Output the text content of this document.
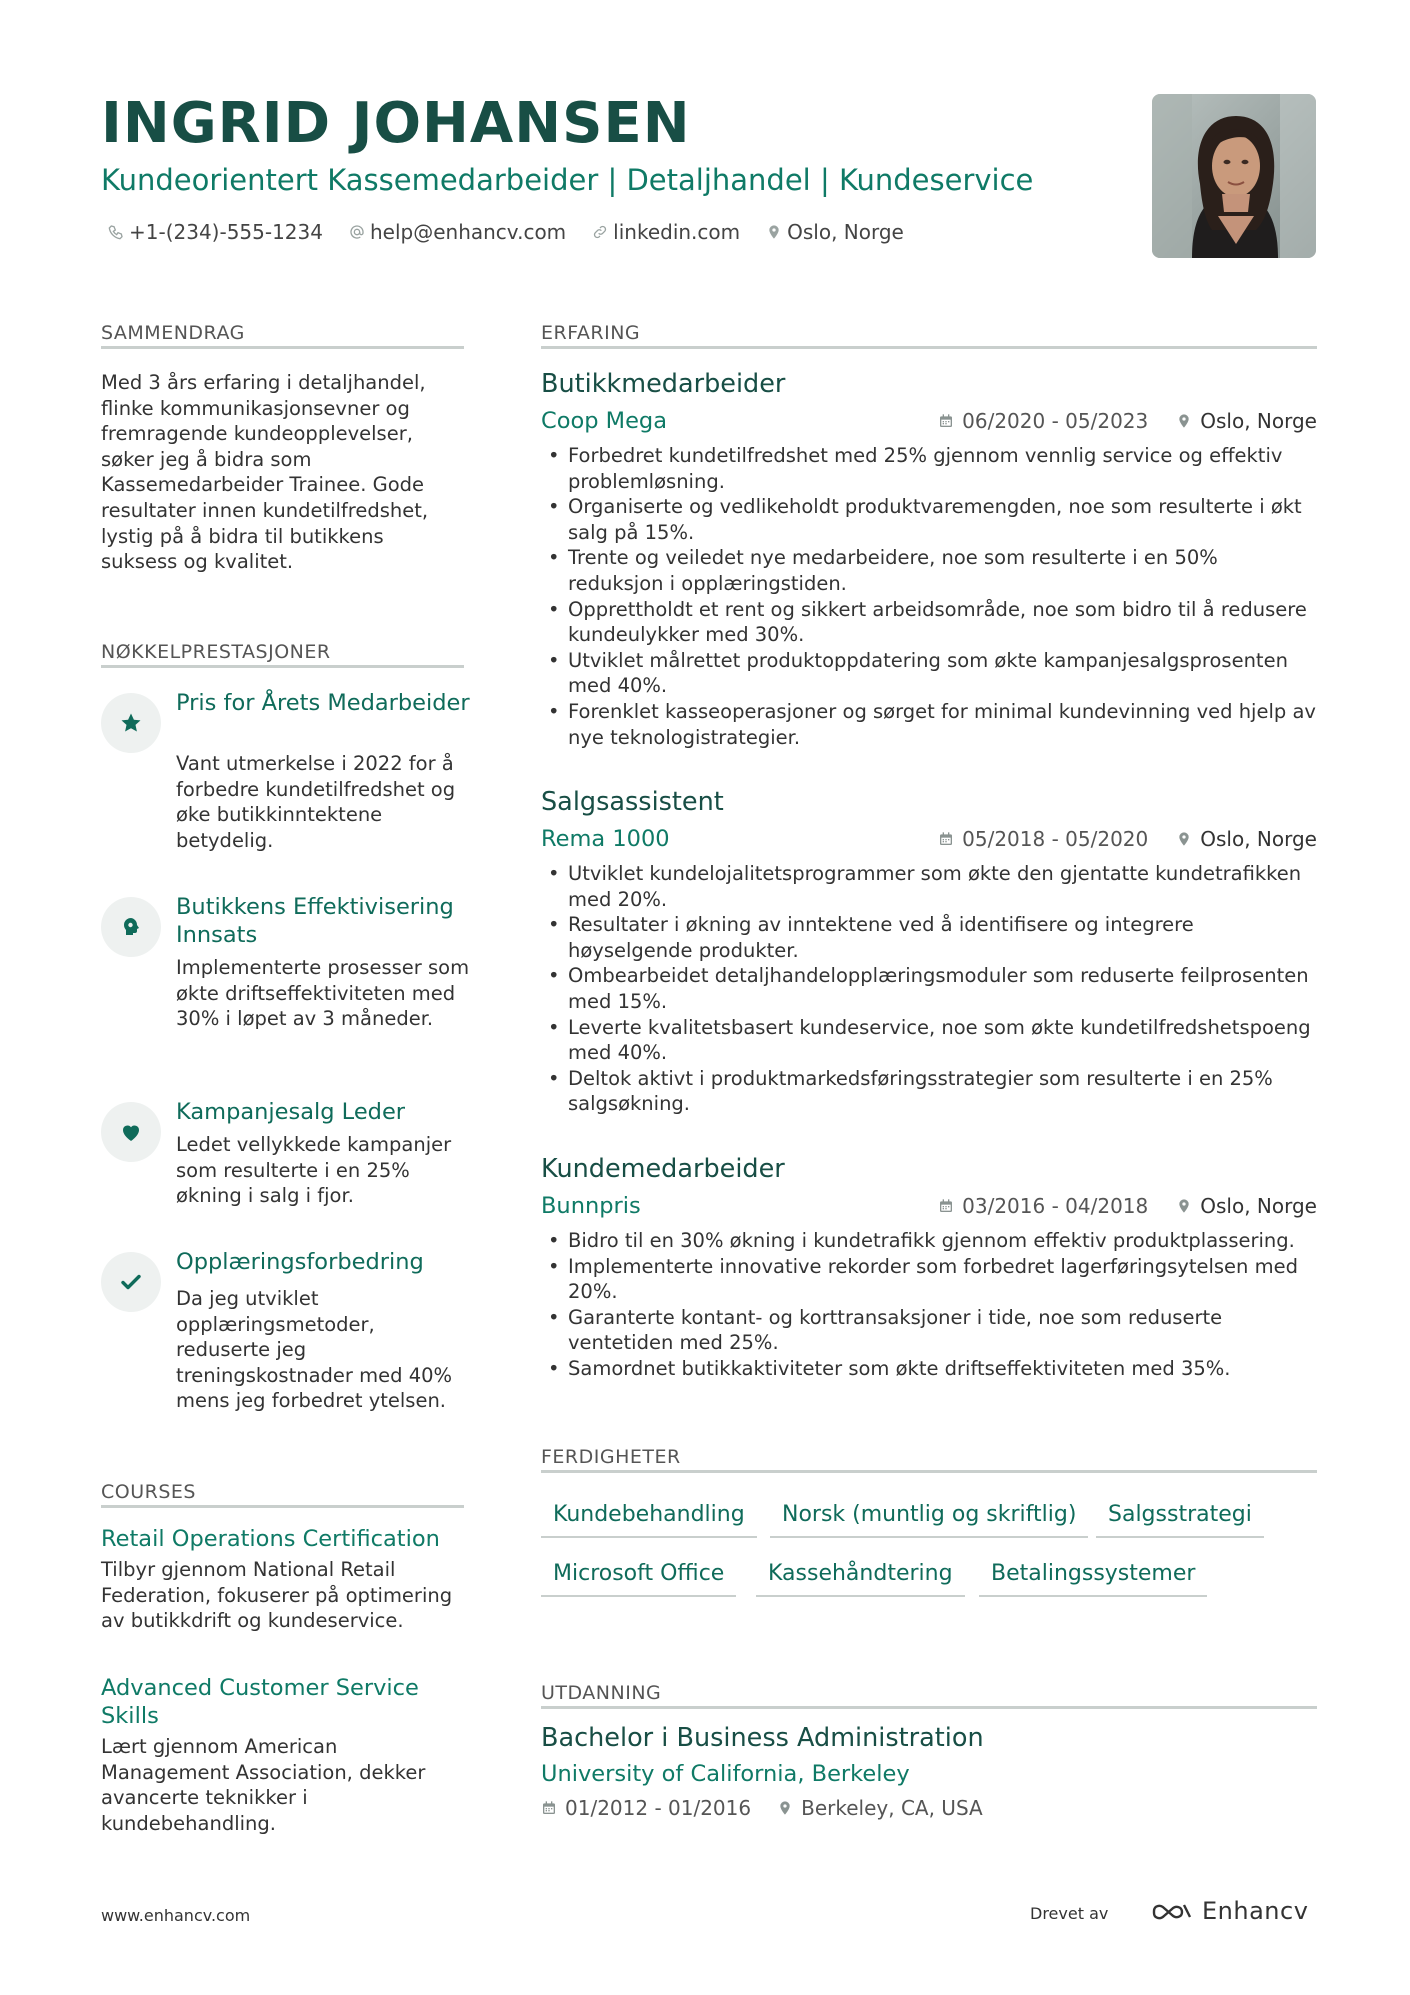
INGRID JOHANSEN
Kundeorientert Kassemedarbeider | Detaljhandel | Kundeservice
+1-(234)-555-1234 help@enhancv.com linkedin.com Oslo, Norge
SAMMENDRAG
Med 3 års erfaring i detaljhandel, flinke kommunikasjonsevner og fremragende kundeopplevelser, søker jeg å bidra som Kassemedarbeider Trainee. Gode resultater innen kundetilfredshet, lystig på å bidra til butikkens suksess og kvalitet.
NØKKELPRESTASJONER
Pris for Årets Medarbeider
Vant utmerkelse i 2022 for å forbedre kundetilfredshet og øke butikkinntektene betydelig.
Butikkens Effektivisering Innsats
Implementerte prosesser som økte driftseffektiviteten med 30% i løpet av 3 måneder.
Kampanjesalg Leder
Ledet vellykkede kampanjer som resulterte i en 25% økning i salg i fjor.
Opplæringsforbedring
Da jeg utviklet opplæringsmetoder, reduserte jeg treningskostnader med 40% mens jeg forbedret ytelsen.
COURSES
Retail Operations Certification
Tilbyr gjennom National Retail Federation, fokuserer på optimering av butikkdrift og kundeservice.
Advanced Customer Service Skills
Lært gjennom American Management Association, dekker avancerte teknikker i kundebehandling.
ERFARING
Butikkmedarbeider
Coop Mega	06/2020 - 05/2023	Oslo, Norge
• Forbedret kundetilfredshet med 25% gjennom vennlig service og effektiv problemløsning.
• Organiserte og vedlikeholdt produktvaremengden, noe som resulterte i økt salg på 15%.
• Trente og veiledet nye medarbeidere, noe som resulterte i en 50% reduksjon i opplæringstiden.
• Opprettholdt et rent og sikkert arbeidsområde, noe som bidro til å redusere kundeulykker med 30%.
• Utviklet målrettet produktoppdatering som økte kampanjesalgsprosenten med 40%.
• Forenklet kasseoperasjoner og sørget for minimal kundevinning ved hjelp av nye teknologistrategier.
Salgsassistent
Rema 1000	05/2018 - 05/2020	Oslo, Norge
• Utviklet kundelojalitetsprogrammer som økte den gjentatte kundetrafikken med 20%.
• Resultater i økning av inntektene ved å identifisere og integrere høyselgende produkter.
• Ombearbeidet detaljhandelopplæringsmoduler som reduserte feilprosenten med 15%.
• Leverte kvalitetsbasert kundeservice, noe som økte kundetilfredshetspoeng med 40%.
• Deltok aktivt i produktmarkedsføringsstrategier som resulterte i en 25% salgsøkning.
Kundemedarbeider
Bunnpris	03/2016 - 04/2018	Oslo, Norge
• Bidro til en 30% økning i kundetrafikk gjennom effektiv produktplassering.
• Implementerte innovative rekorder som forbedret lagerføringsytelsen med 20%.
• Garanterte kontant- og korttransaksjoner i tide, noe som reduserte ventetiden med 25%.
• Samordnet butikkaktiviteter som økte driftseffektiviteten med 35%.
FERDIGHETER
Kundebehandling	Norsk (muntlig og skriftlig)	Salgsstrategi
Microsoft Office	Kassehåndtering	Betalingssystemer
UTDANNING
Bachelor i Business Administration
University of California, Berkeley
01/2012 - 01/2016	Berkeley, CA, USA
www.enhancv.com	Drevet av	Enhancv
